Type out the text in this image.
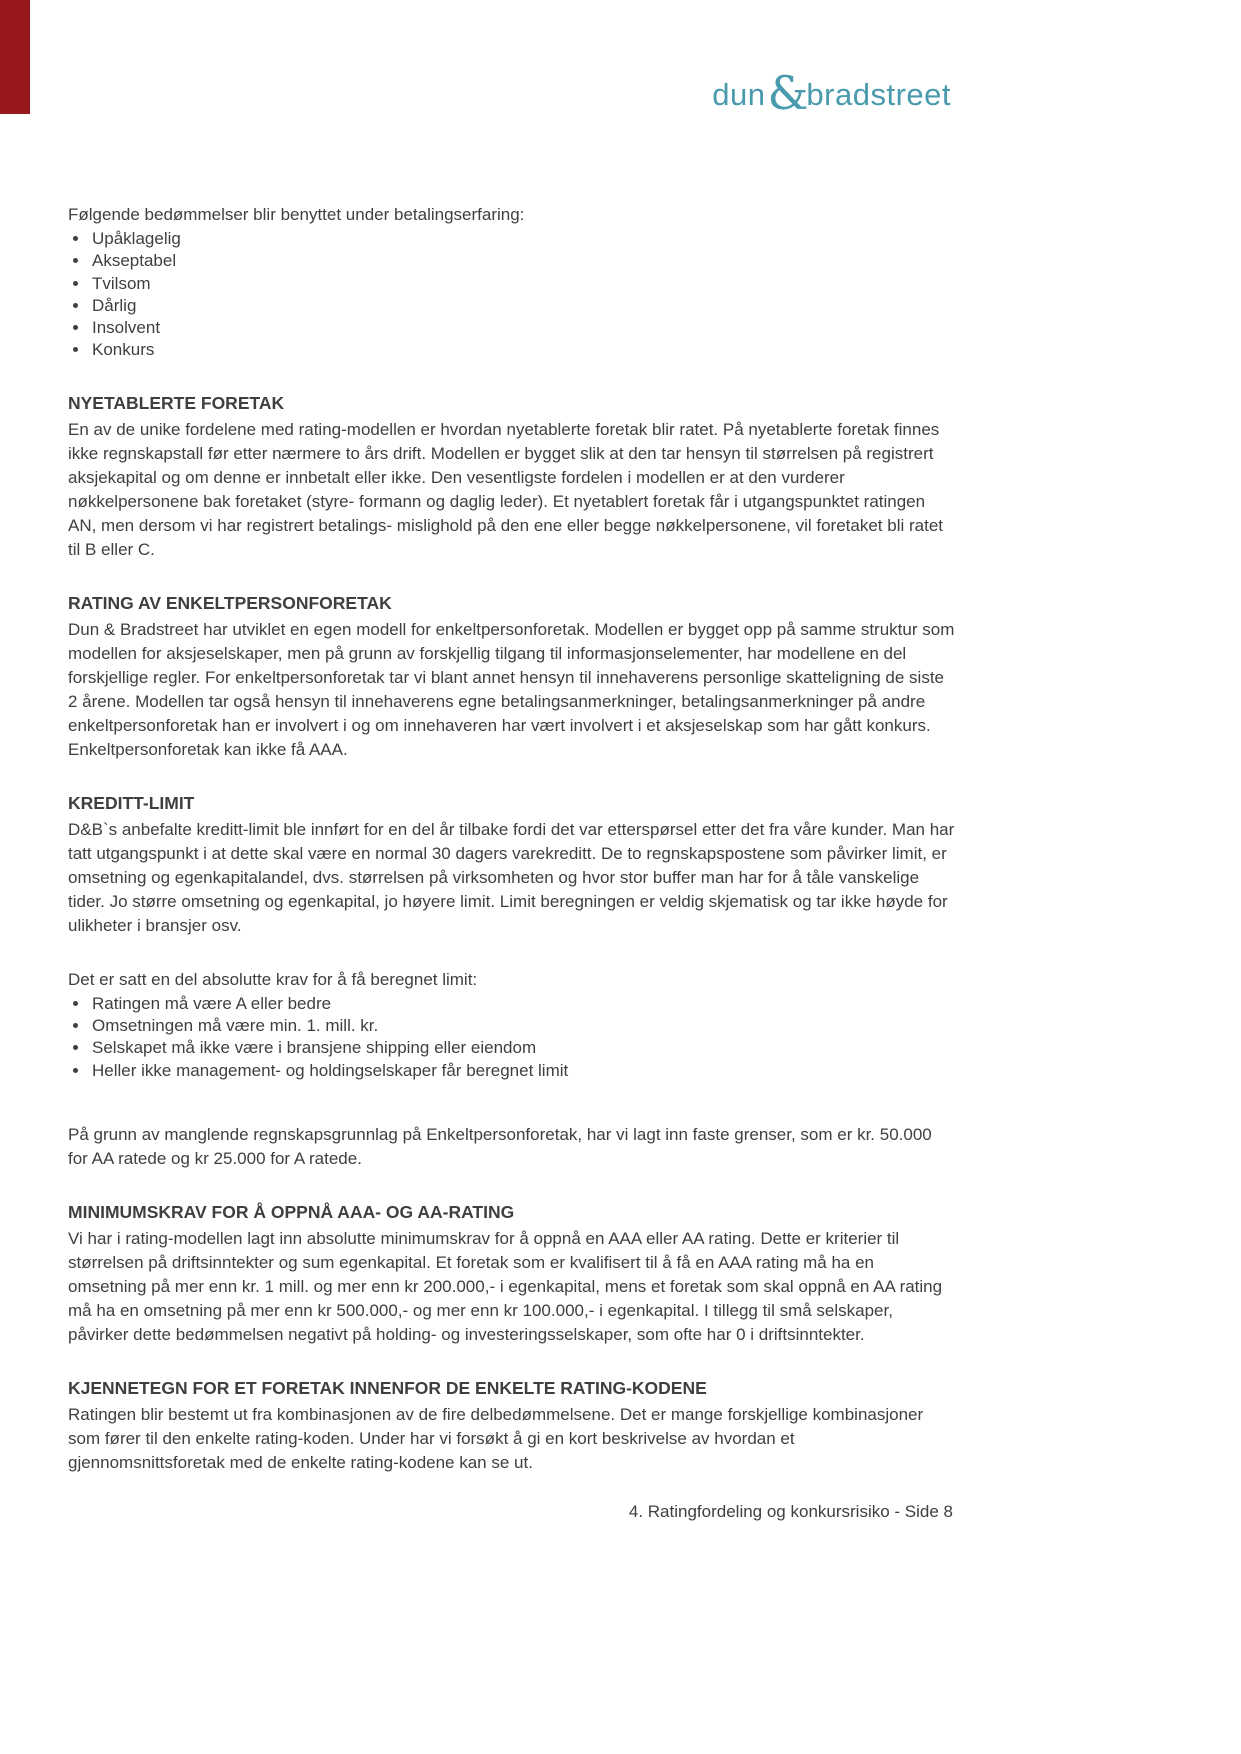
dun &
bradstreet

Følgende bedømmelser blir benyttet under betalingserfaring:

• Upåklagelig
• Akseptabel
• Tvilsom
• Dårlig
• Insolvent
• Konkurs
NYETABLERTE FORETAK

En av de unike fordelene med rating-modellen er hvordan nyetablerte foretak blir ratet. På nyetablerte foretak finnes ikke regnskapstall før etter nærmere to års drift. Modellen er bygget slik at den tar hensyn til størrelsen på registrert aksjekapital og om denne er innbetalt eller ikke. Den vesentligste fordelen i modellen er at den vurderer nøkkelpersonene bak foretaket (styre- formann og daglig leder). Et nyetablert foretak får i utgangspunktet ratingen AN, men dersom vi har registrert betalings- mislighold på den ene eller begge nøkkelpersonene, vil foretaket bli ratet til B eller C.

RATING AV ENKELTPERSONFORETAK

Dun & Bradstreet har utviklet en egen modell for enkeltpersonforetak. Modellen er bygget opp på samme struktur som modellen for aksjeselskaper, men på grunn av forskjellig tilgang til informasjonselementer, har modellene en del forskjellige regler. For enkeltpersonforetak tar vi blant annet hensyn til innehaverens personlige skatteligning de siste 2 årene. Modellen tar også hensyn til innehaverens egne betalingsanmerkninger, betalingsanmerkninger på andre enkeltpersonforetak han er involvert i og om innehaveren har vært involvert i et aksjeselskap som har gått konkurs. Enkeltpersonforetak kan ikke få AAA.

KREDITT-LIMIT

D&B`s anbefalte kreditt-limit ble innført for en del år tilbake fordi det var etterspørsel etter det fra våre kunder. Man har tatt utgangspunkt i at dette skal være en normal 30 dagers varekreditt. De to regnskapspostene som påvirker limit, er omsetning og egenkapitalandel, dvs. størrelsen på virksomheten og hvor stor buffer man har for å tåle vanskelige tider. Jo større omsetning og egenkapital, jo høyere limit. Limit beregningen er veldig skjematisk og tar ikke høyde for ulikheter i bransjer osv.

Det er satt en del absolutte krav for å få beregnet limit:

• Ratingen må være A eller bedre
• Omsetningen må være min. 1. mill. kr.
• Selskapet må ikke være i bransjene shipping eller eiendom
• Heller ikke management- og holdingselskaper får beregnet limit

På grunn av manglende regnskapsgrunnlag på Enkeltpersonforetak, har vi lagt inn faste grenser, som er kr. 50.000 for AA ratede og kr 25.000 for A ratede.

MINIMUMSKRAV FOR Å OPPNÅ AAA- OG AA-RATING

Vi har i rating-modellen lagt inn absolutte minimumskrav for å oppnå en AAA eller AA rating. Dette er kriterier til størrelsen på driftsinntekter og sum egenkapital. Et foretak som er kvalifisert til å få en AAA rating må ha en omsetning på mer enn kr. 1 mill. og mer enn kr 200.000,- i egenkapital, mens et foretak som skal oppnå en AA rating må ha en omsetning på mer enn kr 500.000,- og mer enn kr 100.000,- i egenkapital. I tillegg til små selskaper, påvirker dette bedømmelsen negativt på holding- og investeringsselskaper, som ofte har 0 i driftsinntekter.

KJENNETEGN FOR ET FORETAK INNENFOR DE ENKELTE RATING-KODENE

Ratingen blir bestemt ut fra kombinasjonen av de fire delbedømmelsene. Det er mange forskjellige kombinasjoner som fører til den enkelte rating-koden. Under har vi forsøkt å gi en kort beskrivelse av hvordan et gjennomsnittsforetak med de enkelte rating-kodene kan se ut.

4. Ratingfordeling og konkursrisiko - Side 8
